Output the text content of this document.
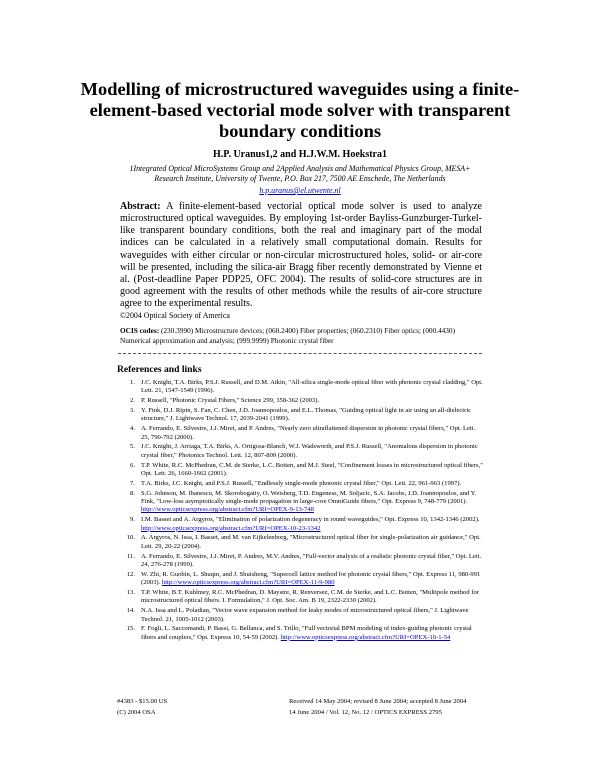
Modelling of microstructured waveguides using a finite-element-based vectorial mode solver with transparent boundary conditions
H.P. Uranus1,2 and H.J.W.M. Hoekstra1
1Integrated Optical MicroSystems Group and 2Applied Analysis and Mathematical Physics Group, MESA+ Research Institute, University of Twente, P.O. Box 217, 7500 AE Enschede, The Netherlands
h.p.uranus@el.utwente.nl
Abstract: A finite-element-based vectorial optical mode solver is used to analyze microstructured optical waveguides. By employing 1st-order Bayliss-Gunzburger-Turkel-like transparent boundary conditions, both the real and imaginary part of the modal indices can be calculated in a relatively small computational domain. Results for waveguides with either circular or non-circular microstructured holes, solid- or air-core will be presented, including the silica-air Bragg fiber recently demonstrated by Vienne et al. (Post-deadline Paper PDP25, OFC 2004). The results of solid-core structures are in good agreement with the results of other methods while the results of air-core structure agree to the experimental results.
©2004 Optical Society of America
OCIS codes: (230.3990) Microstructure devices; (060.2400) Fiber properties; (060.2310) Fiber optics; (000.4430) Numerical approximation and analysis; (999.9999) Photonic crystal fiber
References and links
1. J.C. Knight, T.A. Birks, P.S.J. Russell, and D.M. Atkin, "All-silica single-mode optical fiber with photonic crystal cladding," Opt. Lett. 21, 1547-1549 (1996).
2. P. Russell, "Photonic Crystal Fibers," Science 299, 358-362 (2003).
3. Y. Fink, D.J. Ripin, S. Fan, C. Chen, J.D. Joannopoulos, and E.L. Thomas, "Guiding optical light in air using an all-dielectric structure," J. Lightwave Technol. 17, 2039-2041 (1999).
4. A. Ferrando, E. Silvestre, J.J. Miret, and P. Andres, "Nearly zero ultraflattened dispersion in photonic crystal fibers," Opt. Lett. 25, 790-792 (2000).
5. J.C. Knight, J. Arriaga, T.A. Birks, A. Ortigosa-Blanch, W.J. Wadsworth, and P.S.J. Russell, "Anomalous dispersion in photonic crystal fiber," Photonics Technol. Lett. 12, 807-809 (2000).
6. T.P. White, R.C. McPhedran, C.M. de Sterke, L.C. Botten, and M.J. Steel, "Confinement losses in microstructured optical fibers," Opt. Lett. 26, 1660-1662 (2001).
7. T.A. Birks, J.C. Knight, and P.S.J. Russell, "Endlessly single-mode photonic crystal fiber," Opt. Lett. 22, 961-963 (1997).
8. S.G. Johnson, M. Ibanescu, M. Skorobogatiy, O. Weisberg, T.D. Engeness, M. Soljacic, S.A. Jacobs, J.D. Joannopoulos, and Y. Fink, "Low-loss asymptotically single-mode propagation in large-core OmniGuide fibers," Opt. Express 9, 748-779 (2001). http://www.opticsexpress.org/abstract.cfm?URI=OPEX-9-13-748
9. I.M. Basset and A. Argyros, "Elimination of polarization degeneracy in round waveguides," Opt. Express 10, 1342-1346 (2002). http://www.opticsexpress.org/abstract.cfm?URI=OPEX-10-23-1342
10. A. Argyros, N. Issa, I. Basset, and M. van Eijkelenborg, "Microstructured optical fiber for single-polarization air guidance," Opt. Lett. 29, 20-22 (2004).
11. A. Ferrando, E. Silvestre, J.J. Miret, P. Andres, M.V. Andres, "Full-vector analysis of a realistic photonic crystal fiber," Opt. Lett. 24, 276-278 (1999).
12. W. Zhi, R. Guobin, L. Shuqin, and J. Shuisheng, "Supercell lattice method for photonic crystal fibers," Opt. Express 11, 980-991 (2003). http://www.opticsexpress.org/abstract.cfm?URI=OPEX-11-9-980
13. T.P. White, B.T. Kuhlmey, R.C. McPhedran, D. Maystre, R. Renversez, C.M. de Sterke, and L.C. Botten, "Multipole method for microstructured optical fibers. I. Formulation," J. Opt. Soc. Am. B 19, 2322-2330 (2002).
14. N.A. Issa and L. Poladian, "Vector wave expansion method for leaky modes of microstructured optical fibers," J. Lightwave Technol. 21, 1005-1012 (2003).
15. F. Fogli, L. Saccomandi, P. Bassi, G. Bellanca, and S. Trillo, "Full vectorial BPM modeling of index-guiding photonic crystal fibers and couplers," Opt. Express 10, 54-59 (2002). http://www.opticsexpress.org/abstract.cfm?URI=OPEX-10-1-54
#4383 - $15.00 US
(C) 2004 OSA
Received 14 May 2004; revised 8 June 2004; accepted 8 June 2004
14 June 2004 / Vol. 12, No. 12 / OPTICS EXPRESS 2795
